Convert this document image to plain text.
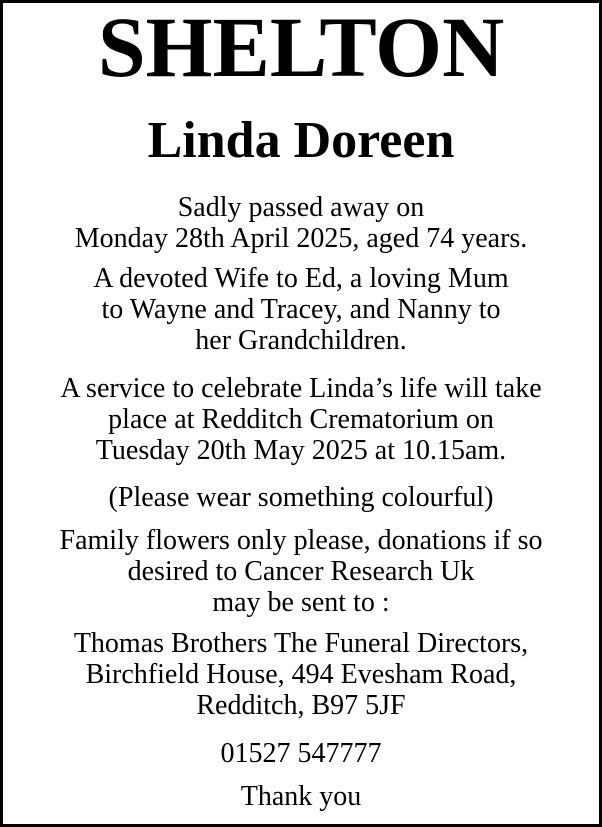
SHELTON
Linda Doreen
Sadly passed away on
Monday 28th April 2025, aged 74 years.
A devoted Wife to Ed, a loving Mum
to Wayne and Tracey, and Nanny to
her Grandchildren.
A service to celebrate Linda’s life will take
place at Redditch Crematorium on
Tuesday 20th May 2025 at 10.15am.
(Please wear something colourful)
Family flowers only please, donations if so
desired to Cancer Research Uk
may be sent to :
Thomas Brothers The Funeral Directors,
Birchfield House, 494 Evesham Road,
Redditch, B97 5JF
01527 547777
Thank you
